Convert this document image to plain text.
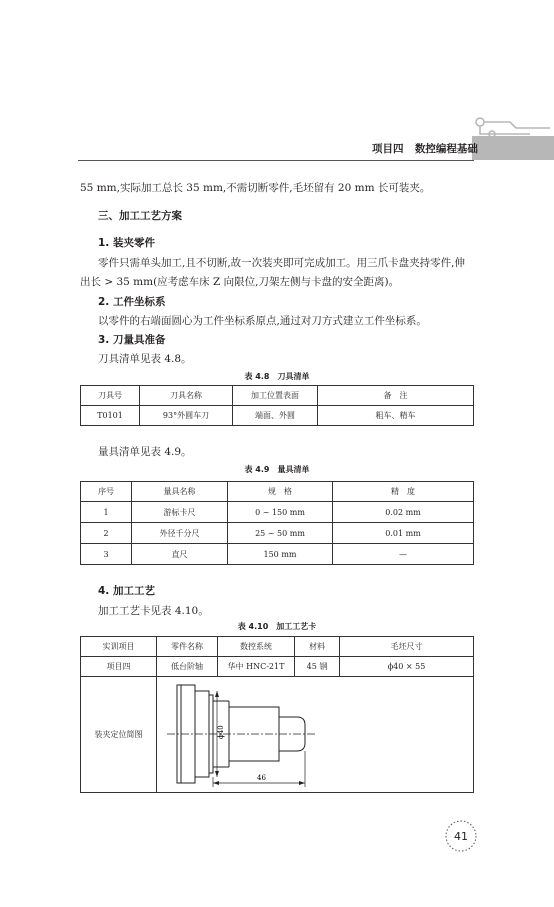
项目四 数控编程基础

55 mm,实际加工总长 35 mm,不需切断零件,毛坯留有 20 mm 长可装夹。

三、加工工艺方案

1. 装夹零件

零件只需单头加工,且不切断,故一次装夹即可完成加工。用三爪卡盘夹持零件,伸

出长 > 35 mm(应考虑车床 Z 向限位,刀架左侧与卡盘的安全距离)。

2. 工件坐标系

以零件的右端面圆心为工件坐标系原点,通过对刀方式建立工件坐标系。

3. 刀量具准备

刀具清单见表 4.8。

表 4.8　刀具清单
刀具号	刀具名称	加工位置表面	备　注
T0101	93°外圆车刀	端面、外圆	粗车、精车

量具清单见表 4.9。

表 4.9　量具清单
序号	量具名称	规　格	精　度
1	游标卡尺	0 ~ 150 mm	0.02 mm
2	外径千分尺	25 ~ 50 mm	0.01 mm
3	直尺	150 mm	—

4. 加工工艺

加工工艺卡见表 4.10。

表 4.10　加工工艺卡
实训项目	零件名称	数控系统	材料	毛坯尺寸
项目四	低台阶轴	华中 HNC-21T	45 钢	ϕ40 × 55
装夹定位简图	ϕ40
46			
41
